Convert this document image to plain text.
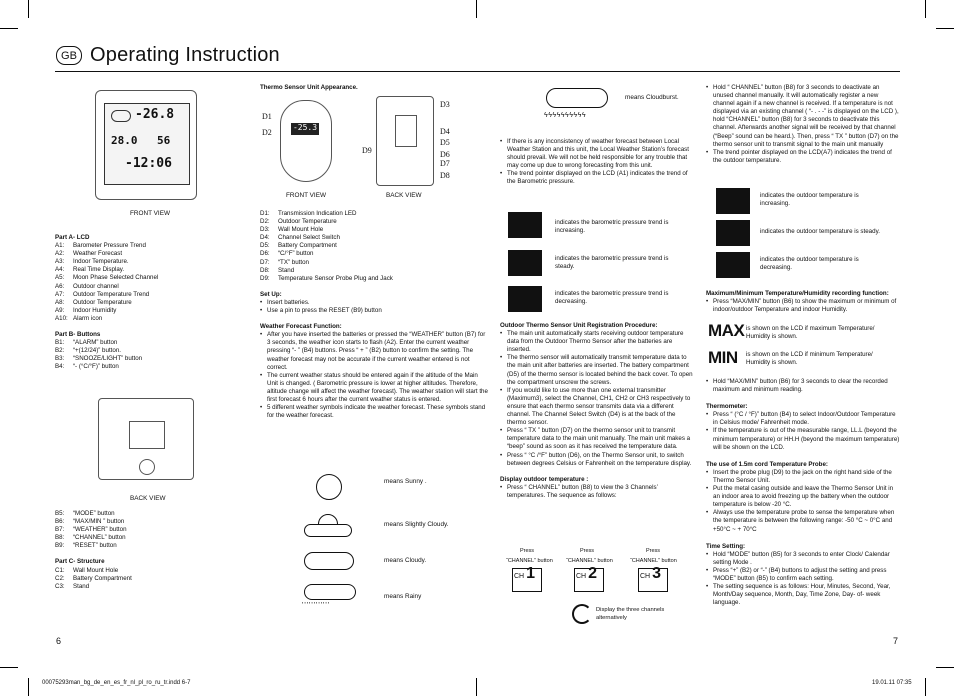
GB Operating Instruction
-26.8
28.0 56
-12:06
FRONT VIEW

Part A- LCD

A1:	Barometer Pressure Trend
A2:	Weather Forecast
A3:	Indoor Temperature.
A4:	Real Time Display.
A5:	Moon Phase Selected Channel
A6:	Outdoor channel
A7:	Outdoor Temperature Trend
A8:	Outdoor Temperature
A9:	Indoor Humidity
A10: Alarm icon

Part B- Buttons

B1:	“ALARM” button
B2:	“+(12/24)” button.
B3:	“SNOOZE/LIGHT” button
B4:	“- (°C/°F)” button
BACK VIEW
B5:	“MODE” button
B6:	“MAX/MIN ” button
B7:	“WEATHER” button
B8:	“CHANNEL” button
B9:	“RESET” button

Part C- Structure

C1:	Wall Mount Hole
C2:	Battery Compartment
C3:	Stand

Thermo Sensor Unit Appearance.

-25.3
D1
D2
D3
D4
D5
D6
D7
D8
D9
FRONT VIEW	BACK VIEW
D1:	Transmission Indication LED
D2:	Outdoor Temperature
D3:	Wall Mount Hole
D4:	Channel Select Switch
D5:	Battery Compartment
D6:	“C/°F” button
D7:	“TX” button
D8:	Stand
D9:	Temperature Sensor Probe Plug and Jack

Set Up:

• Insert batteries.
• Use a pin to press the RESET (B9) button

Weather Forecast Function:

• After you have inserted the batteries or pressed the “WEATHER” button (B7) for 3 seconds, the weather icon starts to flash (A2). Enter the current weather pressing “- ” (B4) buttons. Press “ + ” (B2) button to confirm the setting. The weather forecast may not be accurate if the current weather entered is not correct.
• The current weather status should be entered again if the altitude of the Main Unit is changed. ( Barometric pressure is lower at higher altitudes. Therefore, altitude change will affect the weather forecast). The weather station will start the first forecast 6 hours after the current weather status is entered.
• 5 different weather symbols indicate the weather forecast. These symbols stand for the weather forecast.
means Sunny .
means Slightly Cloudy.
means Cloudy.
''''''''''''
means Rainy
6
ϟϟϟϟϟϟϟϟϟϟ
means Cloudburst.
• If there is any inconsistency of weather forecast between Local Weather Station and this unit, the Local Weather Station’s forecast should prevail. We will not be held responsible for any trouble that may come up due to wrong forecasting from this unit.
• The trend pointer displayed on the LCD (A1) indicates the trend of the Barometric pressure.
indicates the barometric pressure trend is increasing.
indicates the barometric pressure trend is steady.
indicates the barometric pressure trend is decreasing.

Outdoor Thermo Sensor Unit Registration Procedure:

• The main unit automatically starts receiving outdoor temperature data from the Outdoor Thermo Sensor after the batteries are inserted.
• The thermo sensor will automatically transmit temperature data to the main unit after batteries are inserted. The battery compartment (D5) of the thermo sensor is located behind the back cover. To open the compartment unscrew the screws.
• If you would like to use more than one external transmitter (Maximum3), select the Channel, CH1, CH2 or CH3 respectively to ensure that each thermo sensor transmits data via a different channel. The Channel Select Switch (D4) is at the back of the thermo sensor.
• Press “ TX ” button (D7) on the thermo sensor unit to transmit temperature data to the main unit manually. The main unit makes a “beep” sound as soon as it has received the temperature data.
• Press “ °C /°F” button (D6), on the Thermo Sensor unit, to switch between degrees Celsius or Fahrenheit on the temperature display.

Display outdoor temperature :

• Press “ CHANNEL” button (B8) to view the 3 Channels’ temperatures. The sequence as follows:
Press
“CHANNEL” button
Press
“CHANNEL” button
Press
“CHANNEL” button
CH 1	CH 2	CH 3
Display the three channels alternatively
• Hold “ CHANNEL” button (B8) for 3 seconds to deactivate an unused channel manually. It will automatically register a new channel again if a new channel is received. If a temperature is not displayed via an existing channel ( “- . - -” is displayed on the LCD ), hold “CHANNEL” button (B8) for 3 seconds to deactivate this channel. Afterwards another signal will be received by that channel (“Beep” sound can be heard.). Then, press “ TX ” button (D7) on the thermo sensor unit to transmit signal to the main unit manually
• The trend pointer displayed on the LCD(A7) indicates the trend of the outdoor temperature.
indicates the outdoor temperature is increasing.
indicates the outdoor temperature is steady.
indicates the outdoor temperature is decreasing.

Maximum/Minimum Temperature/Humidity recording function:

• Press “MAX/MIN” button (B6) to show the maximum or minimum of indoor/outdoor Temperature and indoor Humidity.
MAX is shown on the LCD if maximum Temperature/ Humidity is shown.
MIN is shown on the LCD if minimum Temperature/ Humidity is shown.
• Hold “MAX/MIN” button (B6) for 3 seconds to clear the recorded maximum and minimum reading.

Thermometer:

• Press “ (°C / °F)” button (B4) to select Indoor/Outdoor Temperature in Celsius mode/ Fahrenheit mode.
• If the temperature is out of the measurable range, LL.L (beyond the minimum temperature) or HH.H (beyond the maximum temperature) will be shown on the LCD.

The use of 1.5m cord Temperature Probe:

• Insert the probe plug (D9) to the jack on the right hand side of the Thermo Sensor Unit.
• Put the metal casing outside and leave the Thermo Sensor Unit in an indoor area to avoid freezing up the battery when the outdoor temperature is below -20 °C.
• Always use the temperature probe to sense the temperature when the temperature is between the following range: -50 °C ~ 0°C and +50°C ~ + 70°C

Time Setting:

• Hold “MODE” button (B5) for 3 seconds to enter Clock/ Calendar setting Mode .
• Press “+” (B2) or “-” (B4) buttons to adjust the setting and press “MODE” button (B5) to confirm each setting.
• The setting sequence is as follows: Hour, Minutes, Second, Year, Month/Day sequence, Month, Day, Time Zone, Day- of- week language.
7
00075293man_bg_de_en_es_fr_nl_pl_ro_ru_tr.indd 6-7	19.01.11 07:35
